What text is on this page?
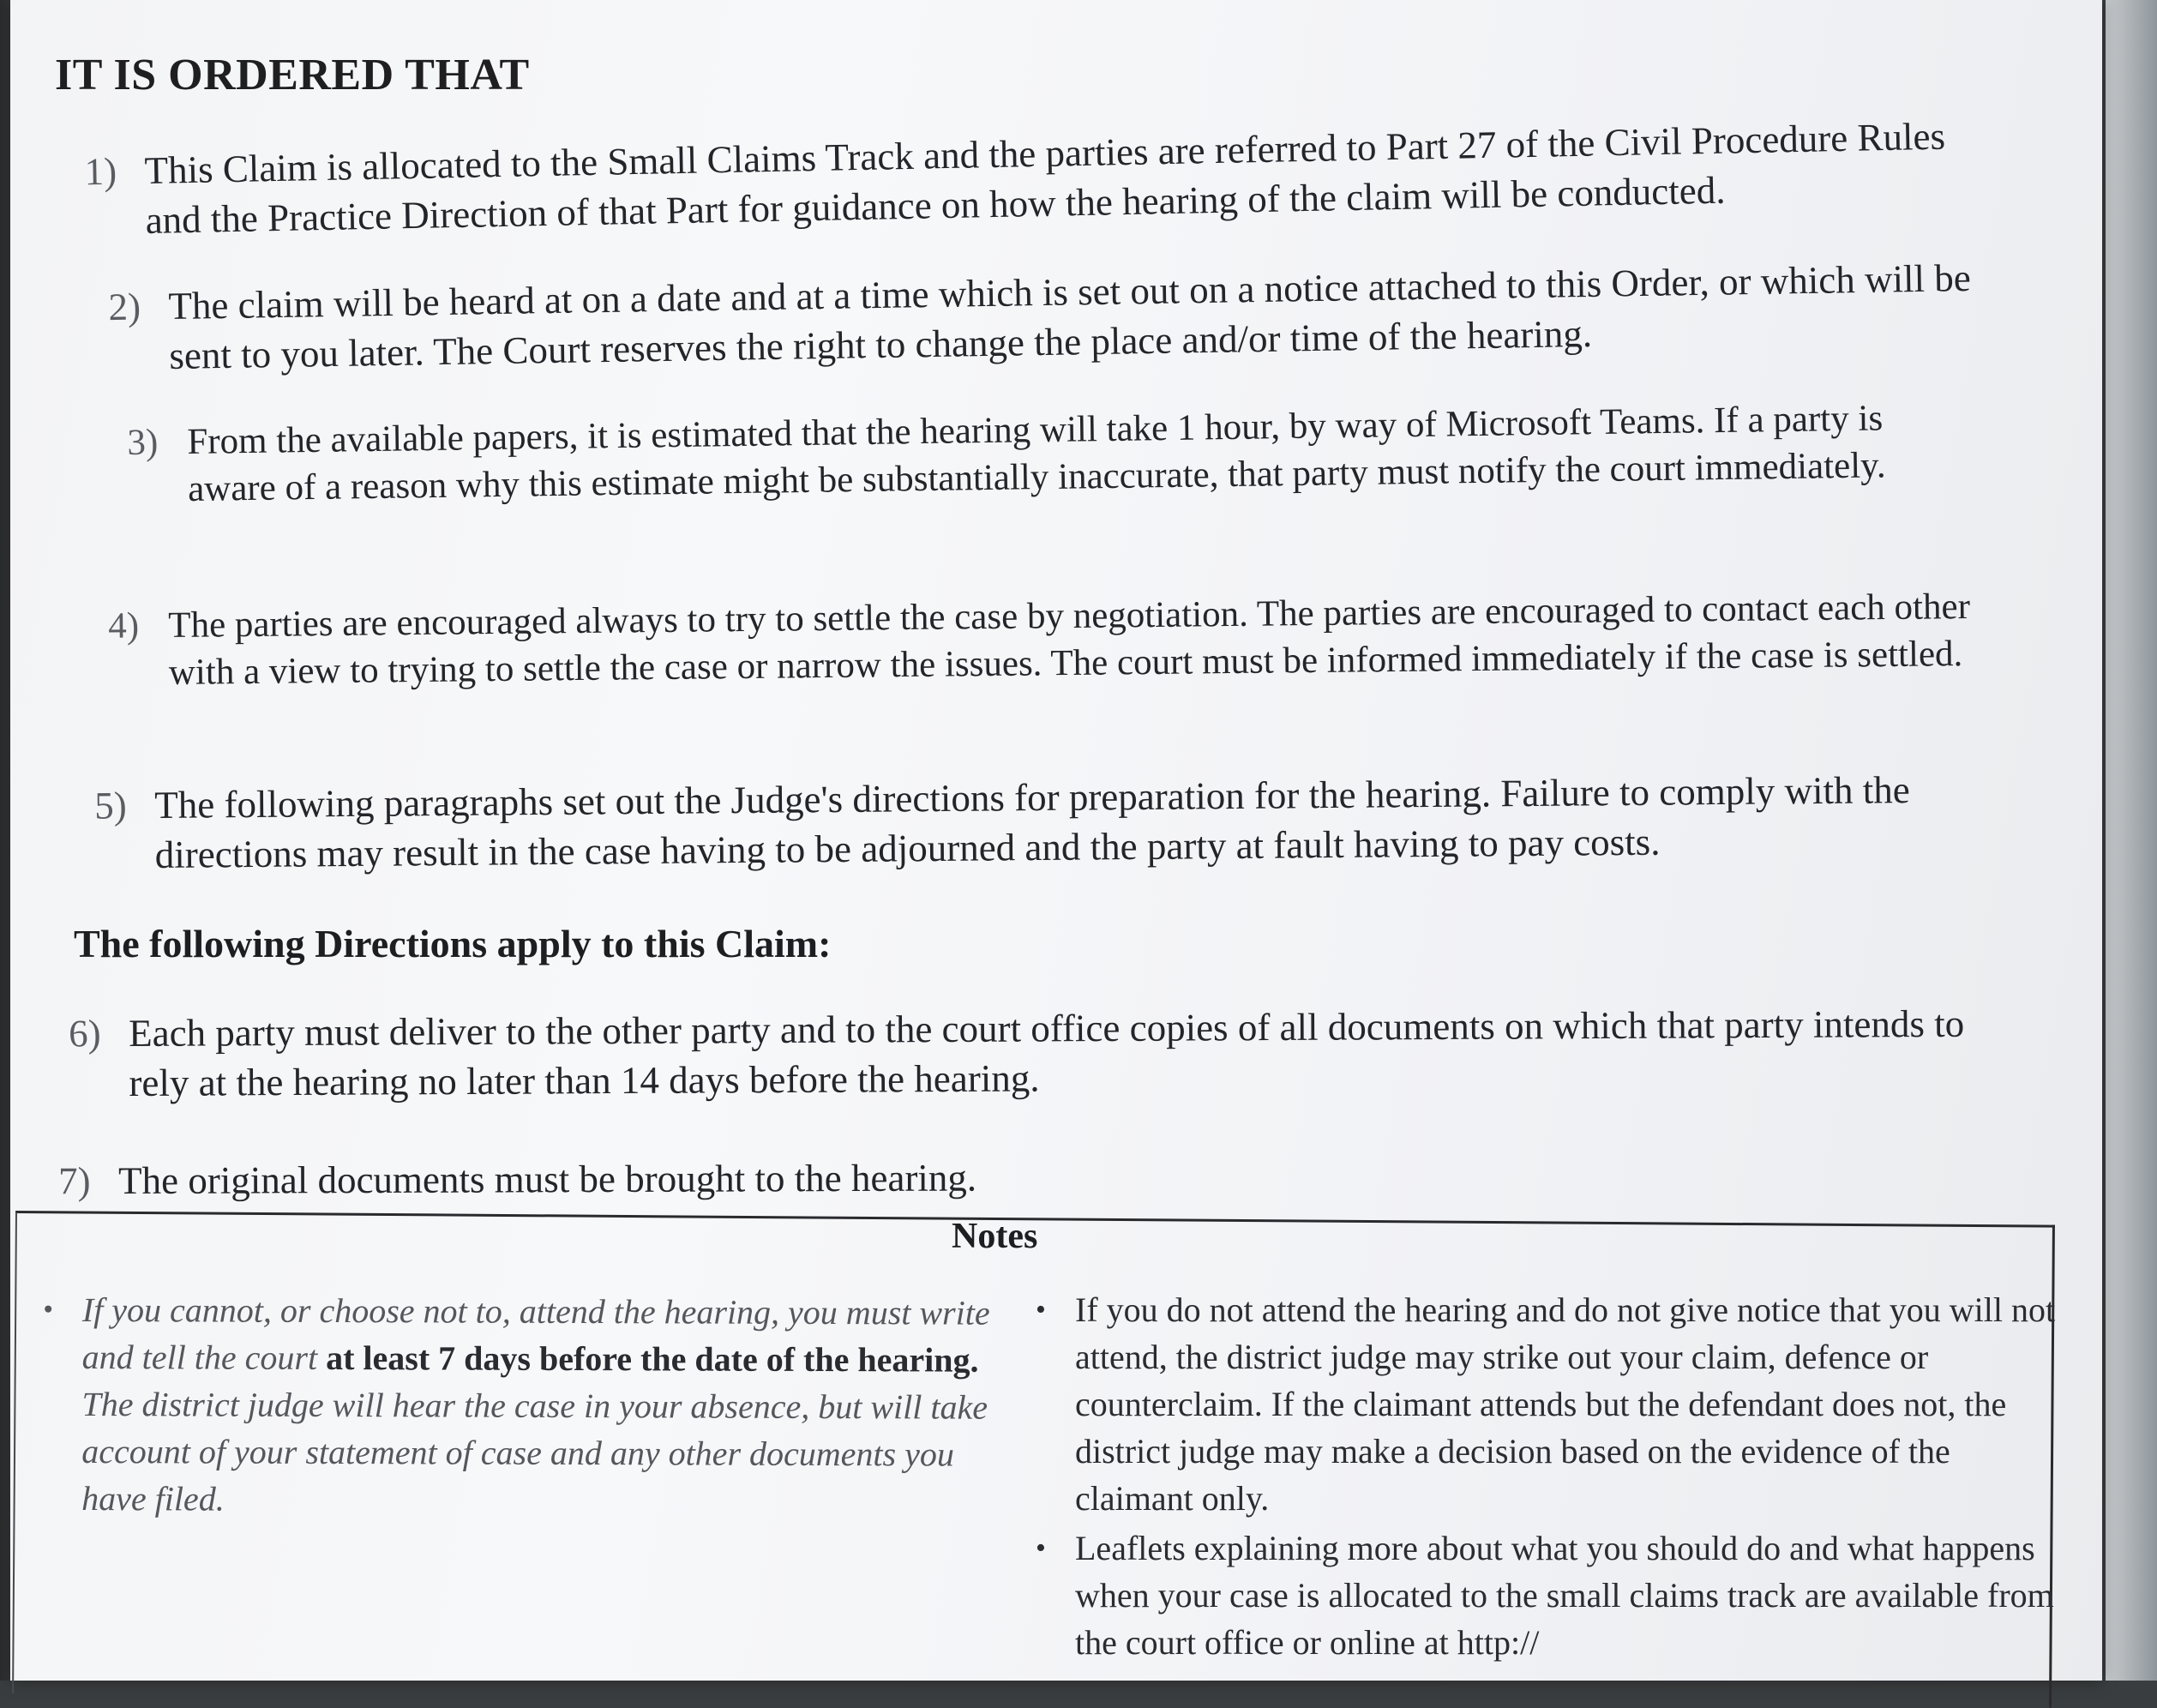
IT IS ORDERED THAT
1) This Claim is allocated to the Small Claims Track and the parties are referred to Part 27 of the Civil Procedure Rules and the Practice Direction of that Part for guidance on how the hearing of the claim will be conducted.
2) The claim will be heard at on a date and at a time which is set out on a notice attached to this Order, or which will be sent to you later. The Court reserves the right to change the place and/or time of the hearing.
3) From the available papers, it is estimated that the hearing will take 1 hour, by way of Microsoft Teams. If a party is aware of a reason why this estimate might be substantially inaccurate, that party must notify the court immediately.
4) The parties are encouraged always to try to settle the case by negotiation. The parties are encouraged to contact each other with a view to trying to settle the case or narrow the issues. The court must be informed immediately if the case is settled.
5) The following paragraphs set out the Judge's directions for preparation for the hearing. Failure to comply with the directions may result in the case having to be adjourned and the party at fault having to pay costs.
The following Directions apply to this Claim:
6) Each party must deliver to the other party and to the court office copies of all documents on which that party intends to rely at the hearing no later than 14 days before the hearing.
7) The original documents must be brought to the hearing.
Notes
• If you cannot, or choose not to, attend the hearing, you must write and tell the court at least 7 days before the date of the hearing. The district judge will hear the case in your absence, but will take account of your statement of case and any other documents you have filed.
• If you do not attend the hearing and do not give notice that you will not attend, the district judge may strike out your claim, defence or counterclaim. If the claimant attends but the defendant does not, the district judge may make a decision based on the evidence of the claimant only.
• Leaflets explaining more about what you should do and what happens when your case is allocated to the small claims track are available from the court office or online at http://
